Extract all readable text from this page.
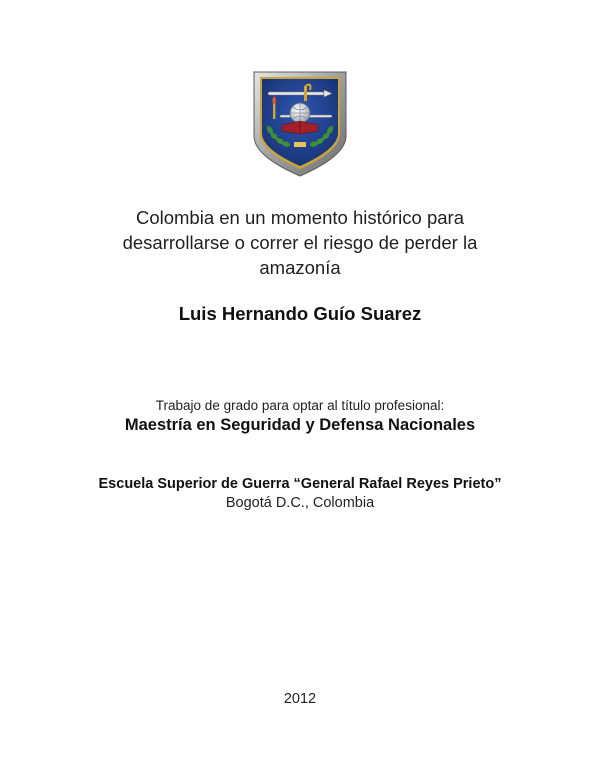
Colombia en un momento histórico para
desarrollarse o correr el riesgo de perder la
amazonía
Luis Hernando Guío Suarez
Trabajo de grado para optar al título profesional:
Maestría en Seguridad y Defensa Nacionales
Escuela Superior de Guerra “General Rafael Reyes Prieto”
Bogotá D.C., Colombia
2012
